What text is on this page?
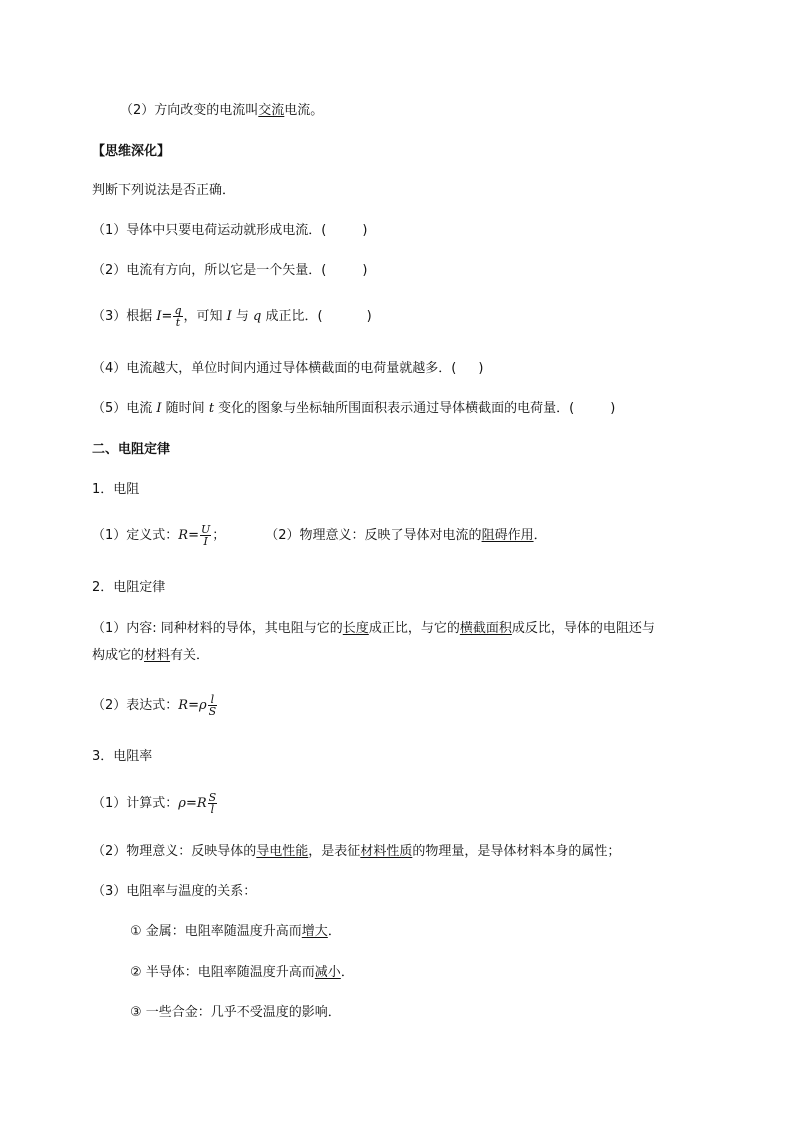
（2）方向改变的电流叫交流电流。
【思维深化】
判断下列说法是否正确．
（1）导体中只要电荷运动就形成电流．(	)
（2）电流有方向，所以它是一个矢量．(	)
（3）根据 $I= \frac{q}{t}$ ，可知 I 与 q 成正比．(	)
（4）电流越大，单位时间内通过导体横截面的电荷量就越多．( )
（5）电流 I 随时间 t 变化的图象与坐标轴所围面积表示通过导体横截面的电荷量．(	)
二、电阻定律
1．电阻
（1）定义式：$R= \frac{U}{I}$ ；	（2）物理意义：反映了导体对电流的阻碍作用．
2．电阻定律
（1）内容: 同种材料的导体，其电阻与它的长度成正比，与它的横截面积成反比，导体的电阻还与
构成它的材料有关．
（2）表达式：$R=\rho \frac{l}{S}$
3．电阻率
（1）计算式：$\rho=R \frac{S}{l}$
（2）物理意义：反映导体的导电性能，是表征材料性质的物理量，是导体材料本身的属性；
（3）电阻率与温度的关系：
① 金属：电阻率随温度升高而增大．
② 半导体：电阻率随温度升高而减小．
③ 一些合金：几乎不受温度的影响．
